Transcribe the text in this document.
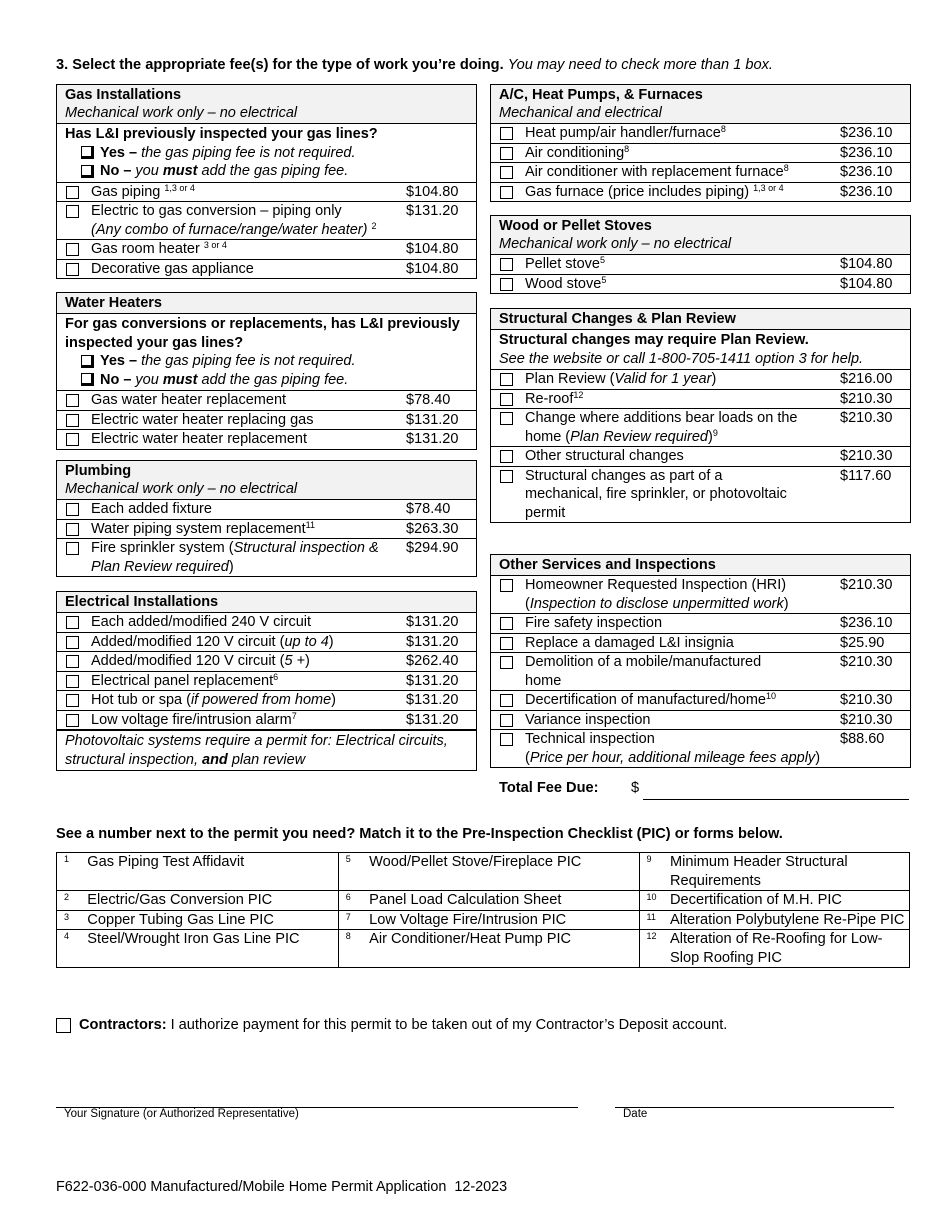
3. Select the appropriate fee(s) for the type of work you’re doing. You may need to check more than 1 box.
Gas Installations
Mechanical work only – no electrical
Has L&I previously inspected your gas lines?
Yes – the gas piping fee is not required.
No – you must add the gas piping fee.
Gas piping $^{1,3 or 4}$	$104.80
Electric to gas conversion – piping only
(Any combo of furnace/range/water heater) $^2$
$131.20
Gas room heater $^{3 or 4}$	$104.80
Decorative gas appliance	$104.80
Water Heaters
For gas conversions or replacements, has L&I previously inspected your gas lines?
Yes – the gas piping fee is not required.
No – you must add the gas piping fee.
Gas water heater replacement	$78.40
Electric water heater replacing gas	$131.20
Electric water heater replacement	$131.20
Plumbing
Mechanical work only – no electrical
Each added fixture	$78.40
Water piping system replacement$^{11}$	$263.30
Fire sprinkler system (Structural inspection & Plan Review required)
$294.90
Electrical Installations
Each added/modified 240 V circuit	$131.20
Added/modified 120 V circuit (up to 4)	$131.20
Added/modified 120 V circuit (5 +)	$262.40
Electrical panel replacement$^6$	$131.20
Hot tub or spa (if powered from home)	$131.20
Low voltage fire/intrusion alarm$^7$	$131.20
Photovoltaic systems require a permit for: Electrical circuits, structural inspection, and plan review
A/C, Heat Pumps, & Furnaces
Mechanical and electrical
Heat pump/air handler/furnace$^8$	$236.10
Air conditioning$^8$	$236.10
Air conditioner with replacement furnace$^8$	$236.10
Gas furnace (price includes piping) $^{1,3 or 4}$	$236.10
Wood or Pellet Stoves
Mechanical work only – no electrical
Pellet stove$^5$	$104.80
Wood stove$^5$	$104.80
Structural Changes & Plan Review
Structural changes may require Plan Review.
See the website or call 1-800-705-1411 option 3 for help.
Plan Review (Valid for 1 year)	$216.00
Re-roof$^{12}$	$210.30
Change where additions bear loads on the home (Plan Review required)$^9$
$210.30
Other structural changes	$210.30
Structural changes as part of a mechanical, fire sprinkler, or photovoltaic permit
$117.60
Other Services and Inspections
Homeowner Requested Inspection (HRI)
(Inspection to disclose unpermitted work)
$210.30
Fire safety inspection	$236.10
Replace a damaged L&I insignia	$25.90
Demolition of a mobile/manufactured home
$210.30
Decertification of manufactured/home$^{10}$	$210.30
Variance inspection	$210.30
Technical inspection
(Price per hour, additional mileage fees apply)
$88.60
Total Fee Due: $
See a number next to the permit you need? Match it to the Pre-Inspection Checklist (PIC) or forms below.
1	Gas Piping Test Affidavit	5	Wood/Pellet Stove/Fireplace PIC	9	Minimum Header Structural Requirements
2	Electric/Gas Conversion PIC	6	Panel Load Calculation Sheet	10	Decertification of M.H. PIC
3	Copper Tubing Gas Line PIC	7	Low Voltage Fire/Intrusion PIC	11	Alteration Polybutylene Re-Pipe PIC
4	Steel/Wrought Iron Gas Line PIC	8	Air Conditioner/Heat Pump PIC	12	Alteration of Re-Roofing for Low-Slop Roofing PIC
Contractors: I authorize payment for this permit to be taken out of my Contractor’s Deposit account.
Your Signature (or Authorized Representative)	Date
F622-036-000 Manufactured/Mobile Home Permit Application  12-2023
